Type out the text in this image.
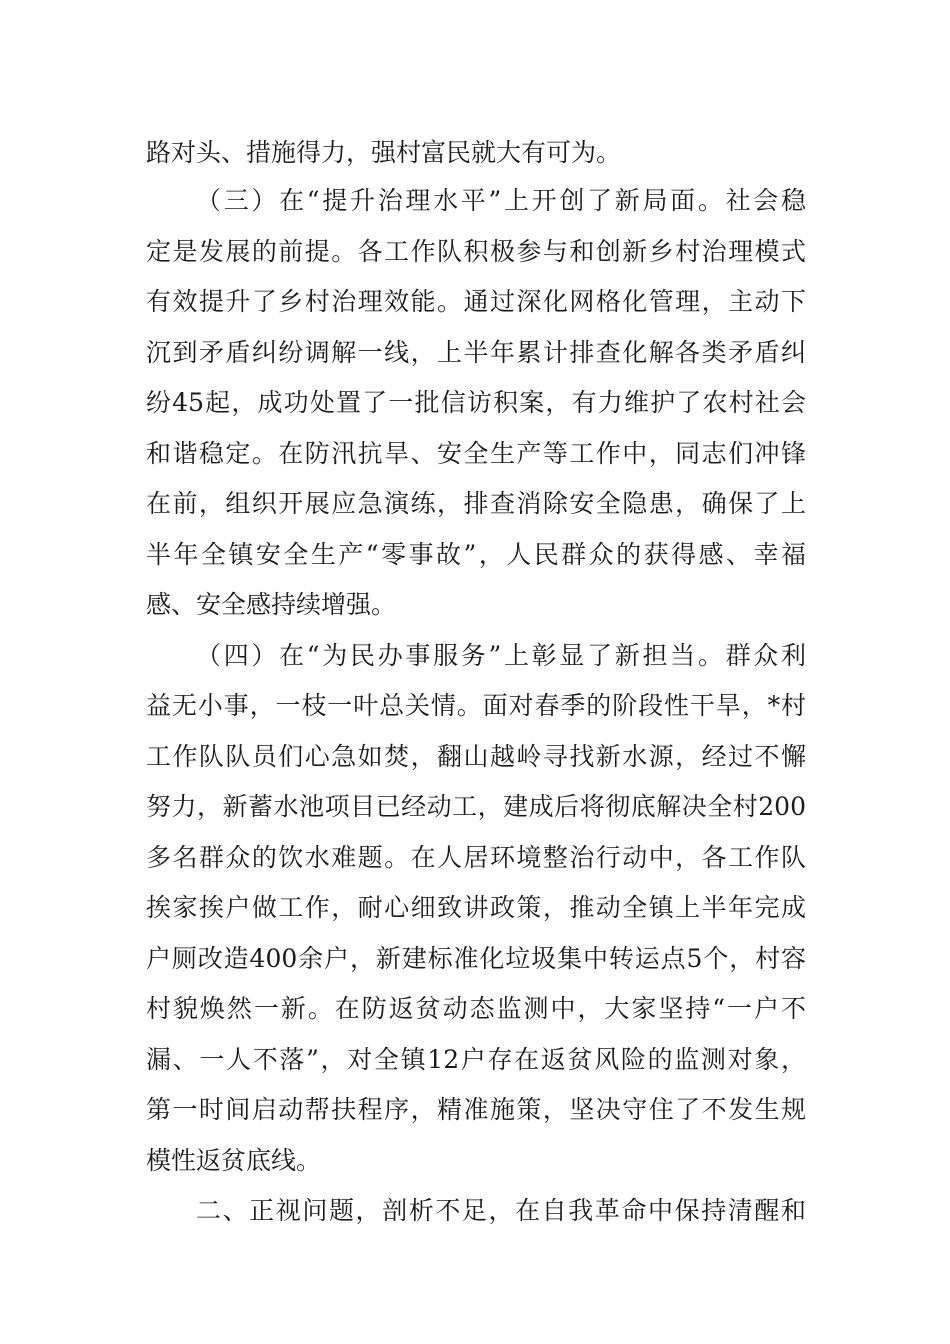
路对头、措施得力，强村富民就大有可为。
（三）在“提升治理水平”上开创了新局面。社会稳
定是发展的前提。各工作队积极参与和创新乡村治理模式
有效提升了乡村治理效能。通过深化网格化管理，主动下
沉到矛盾纠纷调解一线，上半年累计排查化解各类矛盾纠
纷45起，成功处置了一批信访积案，有力维护了农村社会
和谐稳定。在防汛抗旱、安全生产等工作中，同志们冲锋
在前，组织开展应急演练，排查消除安全隐患，确保了上
半年全镇安全生产“零事故”，人民群众的获得感、幸福
感、安全感持续增强。
（四）在“为民办事服务”上彰显了新担当。群众利
益无小事，一枝一叶总关情。面对春季的阶段性干旱，*村
工作队队员们心急如焚，翻山越岭寻找新水源，经过不懈
努力，新蓄水池项目已经动工，建成后将彻底解决全村200
多名群众的饮水难题。在人居环境整治行动中，各工作队
挨家挨户做工作，耐心细致讲政策，推动全镇上半年完成
户厕改造400余户，新建标准化垃圾集中转运点5个，村容
村貌焕然一新。在防返贫动态监测中，大家坚持“一户不
漏、一人不落”，对全镇12户存在返贫风险的监测对象，
第一时间启动帮扶程序，精准施策，坚决守住了不发生规
模性返贫底线。
二、正视问题，剖析不足，在自我革命中保持清醒和
